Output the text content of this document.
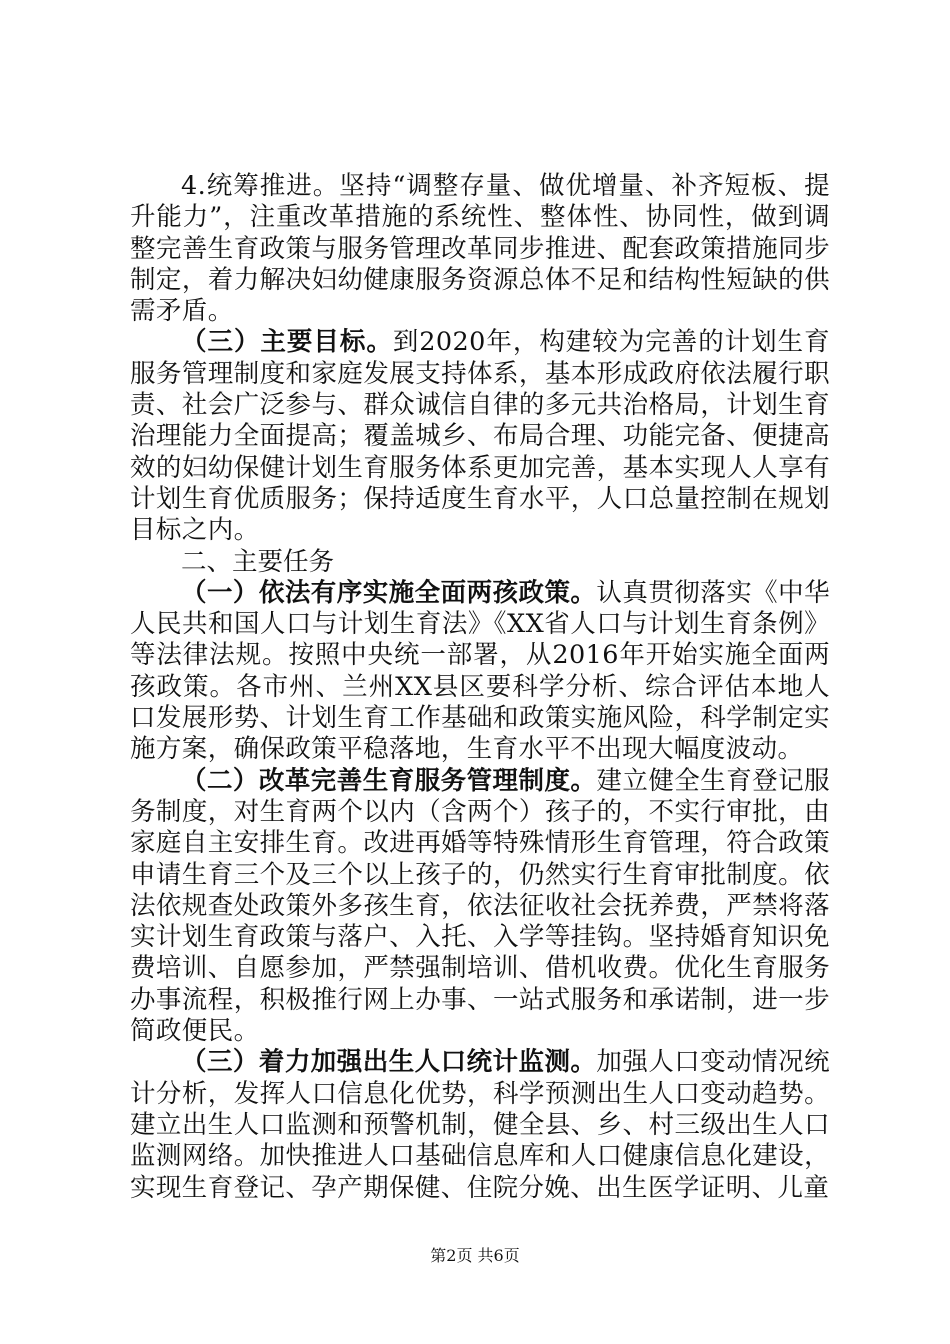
4.统筹推进。坚持“调整存量、做优增量、补齐短板、提升能力”，注重改革措施的系统性、整体性、协同性，做到调整完善生育政策与服务管理改革同步推进、配套政策措施同步制定，着力解决妇幼健康服务资源总体不足和结构性短缺的供需矛盾。

（三）主要目标。到2020年，构建较为完善的计划生育服务管理制度和家庭发展支持体系，基本形成政府依法履行职责、社会广泛参与、群众诚信自律的多元共治格局，计划生育治理能力全面提高；覆盖城乡、布局合理、功能完备、便捷高效的妇幼保健计划生育服务体系更加完善，基本实现人人享有计划生育优质服务；保持适度生育水平，人口总量控制在规划目标之内。

二、主要任务

（一）依法有序实施全面两孩政策。认真贯彻落实《中华人民共和国人口与计划生育法》《XX省人口与计划生育条例》等法律法规。按照中央统一部署，从2016年开始实施全面两孩政策。各市州、兰州XX县区要科学分析、综合评估本地人口发展形势、计划生育工作基础和政策实施风险，科学制定实施方案，确保政策平稳落地，生育水平不出现大幅度波动。

（二）改革完善生育服务管理制度。建立健全生育登记服务制度，对生育两个以内（含两个）孩子的，不实行审批，由家庭自主安排生育。改进再婚等特殊情形生育管理，符合政策申请生育三个及三个以上孩子的，仍然实行生育审批制度。依法依规查处政策外多孩生育，依法征收社会抚养费，严禁将落实计划生育政策与落户、入托、入学等挂钩。坚持婚育知识免费培训、自愿参加，严禁强制培训、借机收费。优化生育服务办事流程，积极推行网上办事、一站式服务和承诺制，进一步简政便民。

（三）着力加强出生人口统计监测。加强人口变动情况统计分析，发挥人口信息化优势，科学预测出生人口变动趋势。建立出生人口监测和预警机制，健全县、乡、村三级出生人口监测网络。加快推进人口基础信息库和人口健康信息化建设，实现生育登记、孕产期保健、住院分娩、出生医学证明、儿童

第2页 共6页
